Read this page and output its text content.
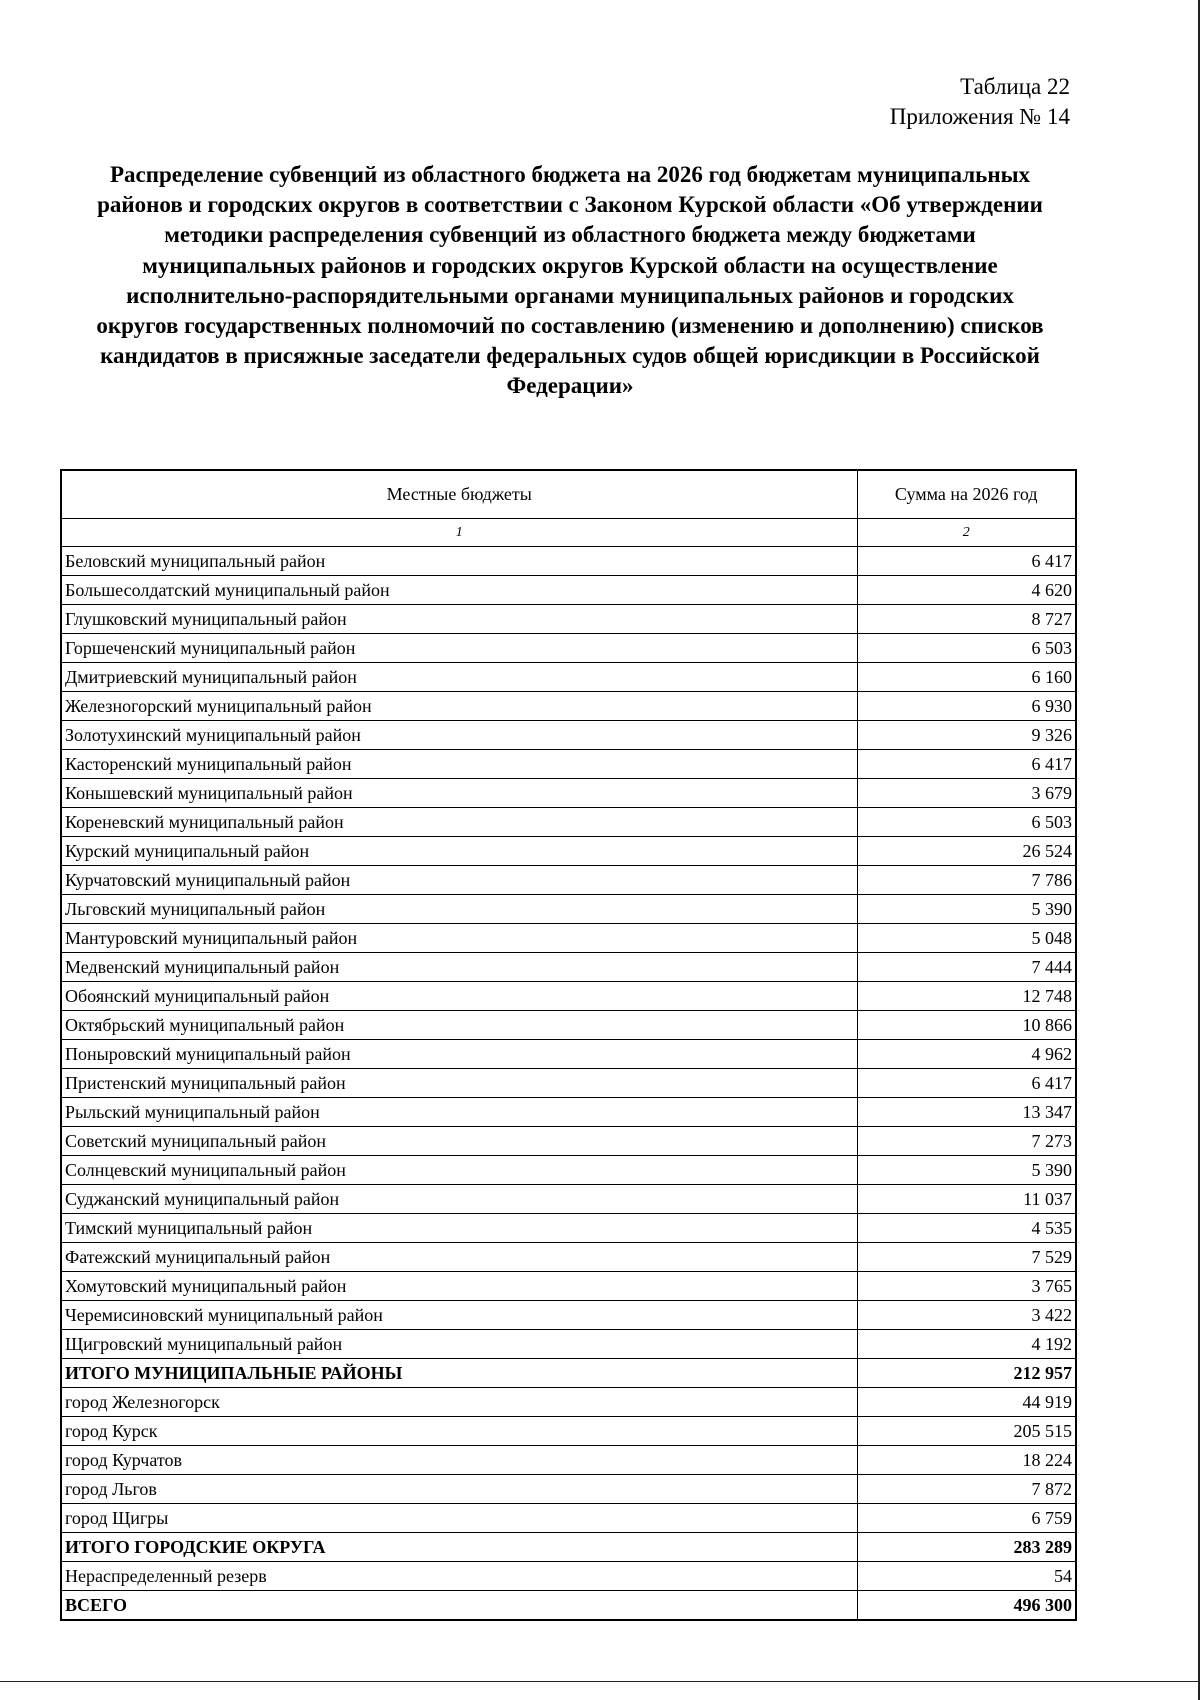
Таблица 22
Приложения № 14
Распределение субвенций из областного бюджета на 2026 год бюджетам муниципальных
районов и городских округов в соответствии с Законом Курской области «Об утверждении
методики распределения субвенций из областного бюджета между бюджетами
муниципальных районов и городских округов Курской области на осуществление
исполнительно-распорядительными органами муниципальных районов и городских
округов государственных полномочий по составлению (изменению и дополнению) списков
кандидатов в присяжные заседатели федеральных судов общей юрисдикции в Российской
Федерации»
Местные бюджеты	Сумма на 2026 год
1	2
Беловский муниципальный район	6 417
Большесолдатский муниципальный район	4 620
Глушковский муниципальный район	8 727
Горшеченский муниципальный район	6 503
Дмитриевский муниципальный район	6 160
Железногорский муниципальный район	6 930
Золотухинский муниципальный район	9 326
Касторенский муниципальный район	6 417
Конышевский муниципальный район	3 679
Кореневский муниципальный район	6 503
Курский муниципальный район	26 524
Курчатовский муниципальный район	7 786
Льговский муниципальный район	5 390
Мантуровский муниципальный район	5 048
Медвенский муниципальный район	7 444
Обоянский муниципальный район	12 748
Октябрьский муниципальный район	10 866
Поныровский муниципальный район	4 962
Пристенский муниципальный район	6 417
Рыльский муниципальный район	13 347
Советский муниципальный район	7 273
Солнцевский муниципальный район	5 390
Суджанский муниципальный район	11 037
Тимский муниципальный район	4 535
Фатежский муниципальный район	7 529
Хомутовский муниципальный район	3 765
Черемисиновский муниципальный район	3 422
Щигровский муниципальный район	4 192
ИТОГО МУНИЦИПАЛЬНЫЕ РАЙОНЫ	212 957
город Железногорск	44 919
город Курск	205 515
город Курчатов	18 224
город Льгов	7 872
город Щигры	6 759
ИТОГО ГОРОДСКИЕ ОКРУГА	283 289
Нераспределенный резерв	54
ВСЕГО	496 300
